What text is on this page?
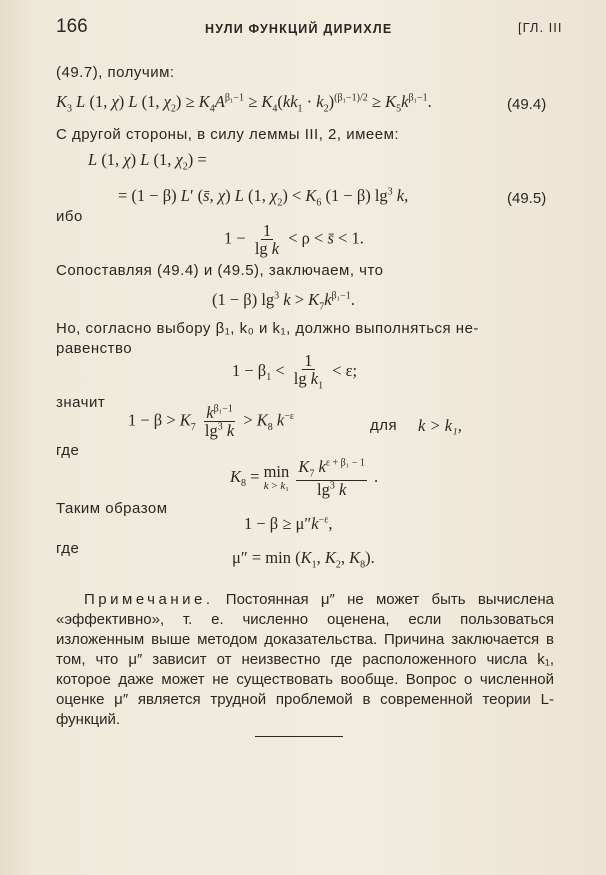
166	НУЛИ ФУНКЦИЙ ДИРИХЛЕ	[ГЛ. III
(49.7), получим:
$K_3$ L (1, χ) L (1, $\chi_2) \ge K_4A^{\beta_1-1} \ge K_4(kk_1 \cdot k_2)^{(\beta_1-1)/2} \ge K_5k^{\beta_1-1}$.	(49.4)
С другой стороны, в силу леммы III, 2, имеем:
L (1, χ) L (1, $\chi_2$) =
= (1 − β) L′ (s̄, χ) L (1, $\chi_2) < K_6$ (1 − β) $\lg^3 k$,	(49.5)
ибо
$1 - \frac{1}{\text{lg k}} < \rho$ < s̄ < 1.
Сопоставляя (49.4) и (49.5), заключаем, что
(1 − β) $\lg^3 k > K_7k^{\beta_1-1}$.
Но, согласно выбору β₁, k₀ и k₁, должно выполняться не-
равенство
$1 - \beta_1 < \frac{1}{\lg k_1} < \varepsilon$;
значит
$1 - \beta > K_7 \frac{k^{\beta_1-1}}{\lg^3 k} > K_8$ $k^{-\varepsilon}$
для k > k₁,
где
$K_8 = \min$
k > k₁
$\frac{K_7 k^{\varepsilon + \beta_1 - 1}}{\lg^3 k}$ .
Таким образом
$1 - \beta \ge \mu''k^{-\varepsilon}$,
где	$\mu'' = \min (K_1$, $K_2$, $K_8$).

Примечание. Постоянная μ″ не может быть вычислена «эффективно», т. е. численно оценена, если пользоваться изложенным выше методом доказательства. Причина заключается в том, что μ″ зависит от неизвестно где расположенного числа k₁, которое даже может не существовать вообще. Вопрос о численной оценке μ″ является трудной проблемой в современной теории L-функций.
